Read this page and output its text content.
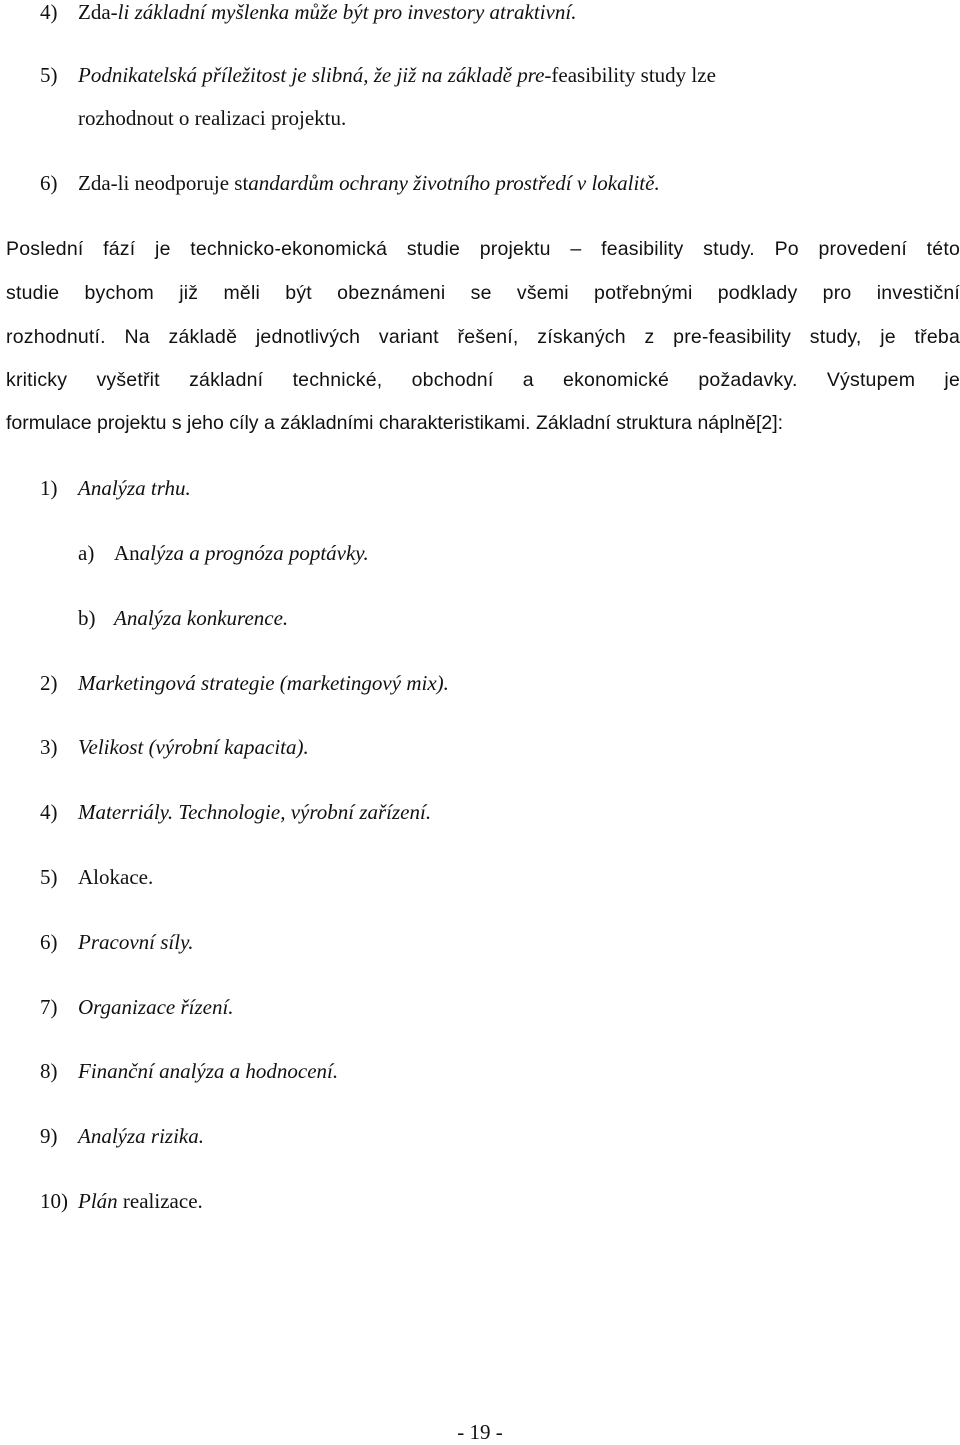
4) Zda-li základní myšlenka může být pro investory atraktivní.
5) Podnikatelská příležitost je slibná, že již na základě pre-feasibility study lze
rozhodnout o realizaci projektu.
6) Zda-li neodporuje standardům ochrany životního prostředí v lokalitě.
Poslední fází je technicko-ekonomická studie projektu – feasibility study. Po provedení této
studie bychom již měli být obeznámeni se všemi potřebnými podklady pro investiční
rozhodnutí. Na základě jednotlivých variant řešení, získaných z pre-feasibility study, je třeba
kriticky vyšetřit základní technické, obchodní a ekonomické požadavky. Výstupem je
formulace projektu s jeho cíly a základními charakteristikami. Základní struktura náplně[2]:
1) Analýza trhu.
a) Analýza a prognóza poptávky.
b) Analýza konkurence.
2) Marketingová strategie (marketingový mix).
3) Velikost (výrobní kapacita).
4) Materriály. Technologie, výrobní zařízení.
5) Alokace.
6) Pracovní síly.
7) Organizace řízení.
8) Finanční analýza a hodnocení.
9) Analýza rizika.
10) Plán realizace.
- 19 -
